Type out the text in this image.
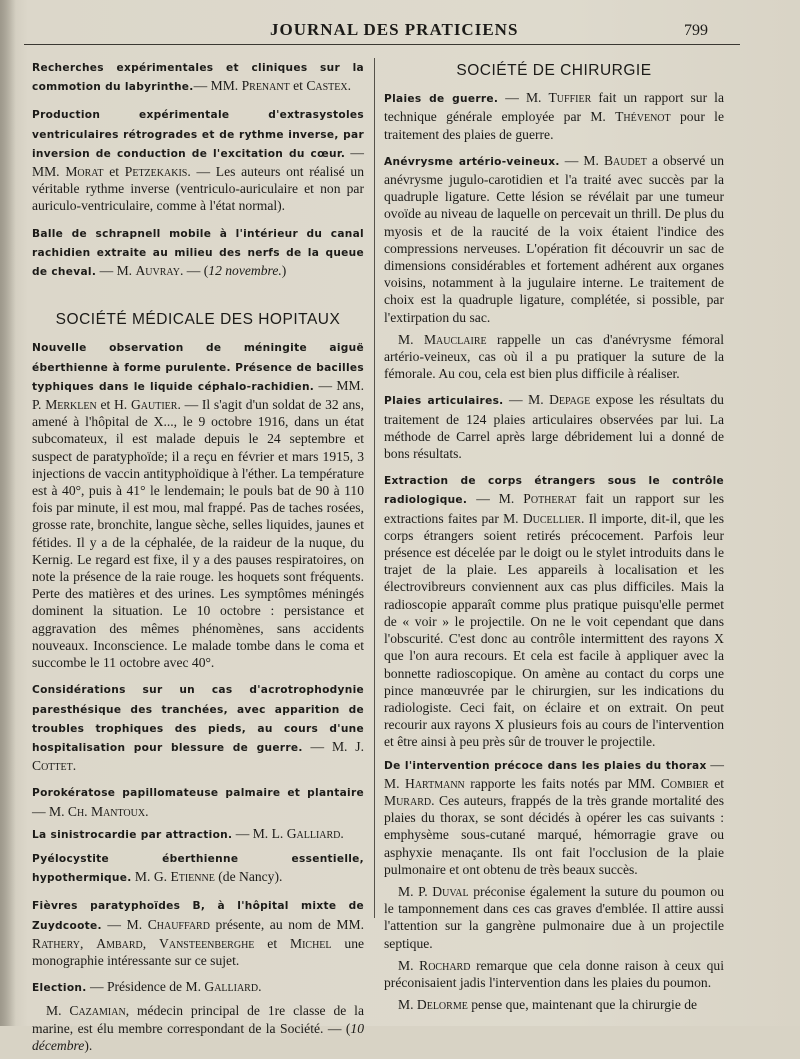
JOURNAL DES PRATICIENS	799

Recherches expérimentales et cliniques sur la commotion du labyrinthe.— MM. Prenant et Castex.

Production expérimentale d'extrasystoles ventriculaires rétrogrades et de rythme inverse, par inversion de conduction de l'excitation du cœur. — MM. Morat et Petzekakis. — Les auteurs ont réalisé un véritable rythme inverse (ventriculo-auriculaire et non par auriculo-ventriculaire, comme à l'état normal).

Balle de schrapnell mobile à l'intérieur du canal rachidien extraite au milieu des nerfs de la queue de cheval. — M. Auvray. — (12 novembre.)

SOCIÉTÉ MÉDICALE DES HOPITAUX

Nouvelle observation de méningite aiguë éberthienne à forme purulente. Présence de bacilles typhiques dans le liquide céphalo-rachidien. — MM. P. Merklen et H. Gautier. — Il s'agit d'un soldat de 32 ans, amené à l'hôpital de X..., le 9 octobre 1916, dans un état subcomateux, il est malade depuis le 24 septembre et suspect de paratyphoïde; il a reçu en février et mars 1915, 3 injections de vaccin antityphoïdique à l'éther. La température est à 40°, puis à 41° le lendemain; le pouls bat de 90 à 110 fois par minute, il est mou, mal frappé. Pas de taches rosées, grosse rate, bronchite, langue sèche, selles liquides, jaunes et fétides. Il y a de la céphalée, de la raideur de la nuque, du Kernig. Le regard est fixe, il y a des pauses respiratoires, on note la présence de la raie rouge. les hoquets sont fréquents. Perte des matières et des urines. Les symptômes méningés dominent la situation. Le 10 octobre : persistance et aggravation des mêmes phénomènes, sans accidents nouveaux. Inconscience. Le malade tombe dans le coma et succombe le 11 octobre avec 40°.

Considérations sur un cas d'acrotrophodynie paresthésique des tranchées, avec apparition de troubles trophiques des pieds, au cours d'une hospitalisation pour blessure de guerre. — M. J. Cottet.

Porokératose papillomateuse palmaire et plantaire — M. Ch. Mantoux.

La sinistrocardie par attraction. — M. L. Galliard.

Pyélocystite éberthienne essentielle, hypothermique. M. G. Etienne (de Nancy).

Fièvres paratyphoïdes B, à l'hôpital mixte de Zuydcoote. — M. Chauffard présente, au nom de MM. Rathery, Ambard, Vansteenberghe et Michel une monographie intéressante sur ce sujet.

Election. — Présidence de M. Galliard.

M. Cazamian, médecin principal de 1re classe de la marine, est élu membre correspondant de la Société. — (10 décembre).

SOCIÉTÉ DE CHIRURGIE

Plaies de guerre. — M. Tuffier fait un rapport sur la technique générale employée par M. Thévenot pour le traitement des plaies de guerre.

Anévrysme artério-veineux. — M. Baudet a observé un anévrysme jugulo-carotidien et l'a traité avec succès par la quadruple ligature. Cette lésion se révélait par une tumeur ovoïde au niveau de laquelle on percevait un thrill. De plus du myosis et de la raucité de la voix étaient l'indice des compressions nerveuses. L'opération fit découvrir un sac de dimensions considérables et fortement adhérent aux organes voisins, notamment à la jugulaire interne. Le traitement de choix est la quadruple ligature, complétée, si possible, par l'extirpation du sac.

M. Mauclaire rappelle un cas d'anévrysme fémoral artério-veineux, cas où il a pu pratiquer la suture de la fémorale. Au cou, cela est bien plus difficile à réaliser.

Plaies articulaires. — M. Depage expose les résultats du traitement de 124 plaies articulaires observées par lui. La méthode de Carrel après large débridement lui a donné de bons résultats.

Extraction de corps étrangers sous le contrôle radiologique. — M. Potherat fait un rapport sur les extractions faites par M. Ducellier. Il importe, dit-il, que les corps étrangers soient retirés précocement. Parfois leur présence est décelée par le doigt ou le stylet introduits dans le trajet de la plaie. Les appareils à localisation et les électrovibreurs conviennent aux cas plus difficiles. Mais la radioscopie apparaît comme plus pratique puisqu'elle permet de « voir » le projectile. On ne le voit cependant que dans l'obscurité. C'est donc au contrôle intermittent des rayons X que l'on aura recours. Et cela est facile à appliquer avec la bonnette radioscopique. On amène au contact du corps une pince manœuvrée par le chirurgien, sur les indications du radiologiste. Ceci fait, on éclaire et on extrait. On peut recourir aux rayons X plusieurs fois au cours de l'intervention et être ainsi à peu près sûr de trouver le projectile.

De l'intervention précoce dans les plaies du thorax — M. Hartmann rapporte les faits notés par MM. Combier et Murard. Ces auteurs, frappés de la très grande mortalité des plaies du thorax, se sont décidés à opérer les cas suivants : emphysème sous-cutané marqué, hémorragie grave ou asphyxie menaçante. Ils ont fait l'occlusion de la plaie pulmonaire et ont obtenu de très beaux succès.

M. P. Duval préconise également la suture du poumon ou le tamponnement dans ces cas graves d'emblée. Il attire aussi l'attention sur la gangrène pulmonaire due à un projectile septique.

M. Rochard remarque que cela donne raison à ceux qui préconisaient jadis l'intervention dans les plaies du poumon.

M. Delorme pense que, maintenant que la chirurgie de
